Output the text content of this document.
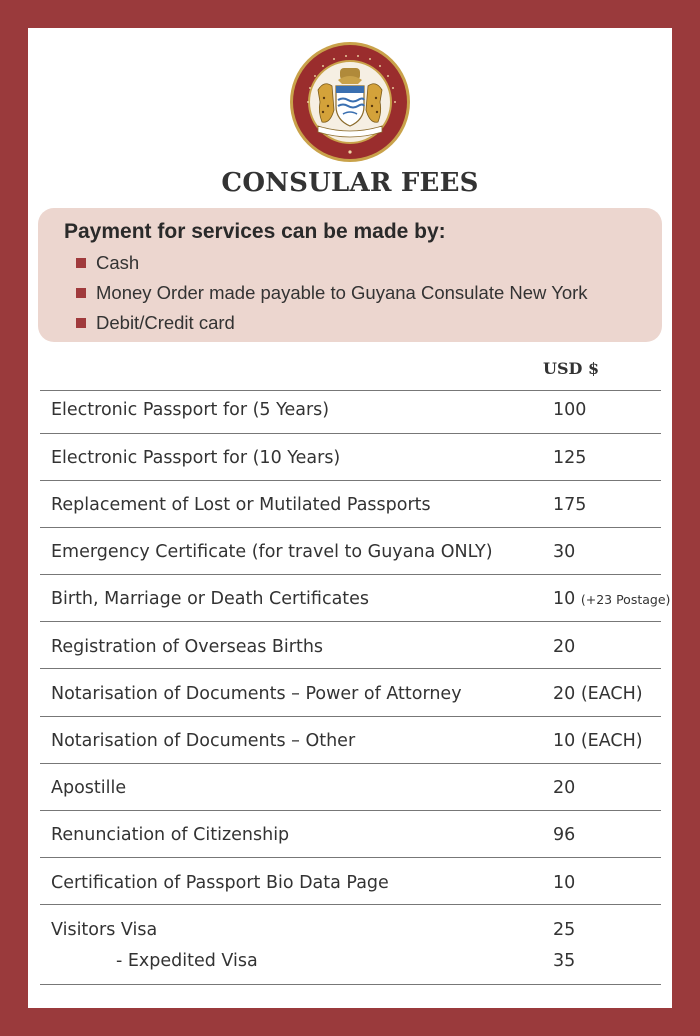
CONSULAR FEES
Payment for services can be made by:
Cash
Money Order made payable to Guyana Consulate New York
Debit/Credit card
USD $
Electronic Passport for (5 Years)	100
Electronic Passport for (10 Years)	125
Replacement of Lost or Mutilated Passports	175
Emergency Certificate (for travel to Guyana ONLY)	30
Birth, Marriage or Death Certificates	10 (+23 Postage)
Registration of Overseas Births	20
Notarisation of Documents – Power of Attorney	20 (EACH)
Notarisation of Documents – Other	10 (EACH)
Apostille	20
Renunciation of Citizenship	96
Certification of Passport Bio Data Page	10
Visitors Visa	25
- Expedited Visa	35
